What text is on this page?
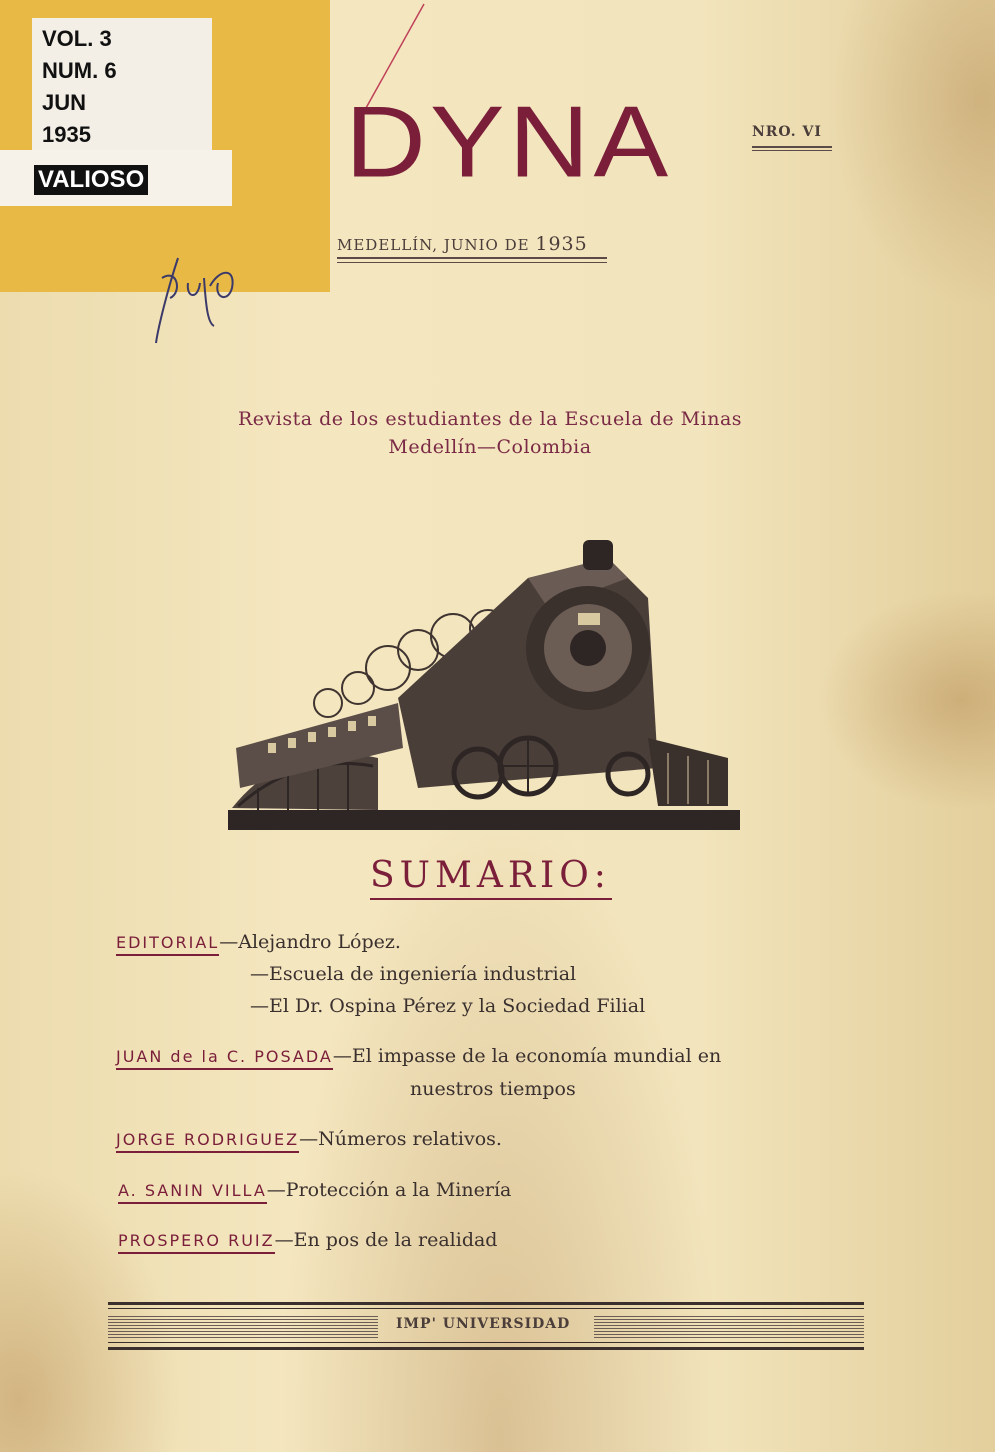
VOL. 3
NUM. 6
JUN
1935
VALIOSO DYNA	NRO. VI
MEDELLÍN, JUNIO DE 1935
Revista de los estudiantes de la Escuela de Minas
Medellín—Colombia
SUMARIO:
EDITORIAL—Alejandro López.
—Escuela de ingeniería industrial
—El Dr. Ospina Pérez y la Sociedad Filial
JUAN de la C. POSADA—El impasse de la economía mundial en
nuestros tiempos
JORGE RODRIGUEZ—Números relativos.
A. SANIN VILLA—Protección a la Minería
PROSPERO RUIZ—En pos de la realidad
IMP' UNIVERSIDAD
